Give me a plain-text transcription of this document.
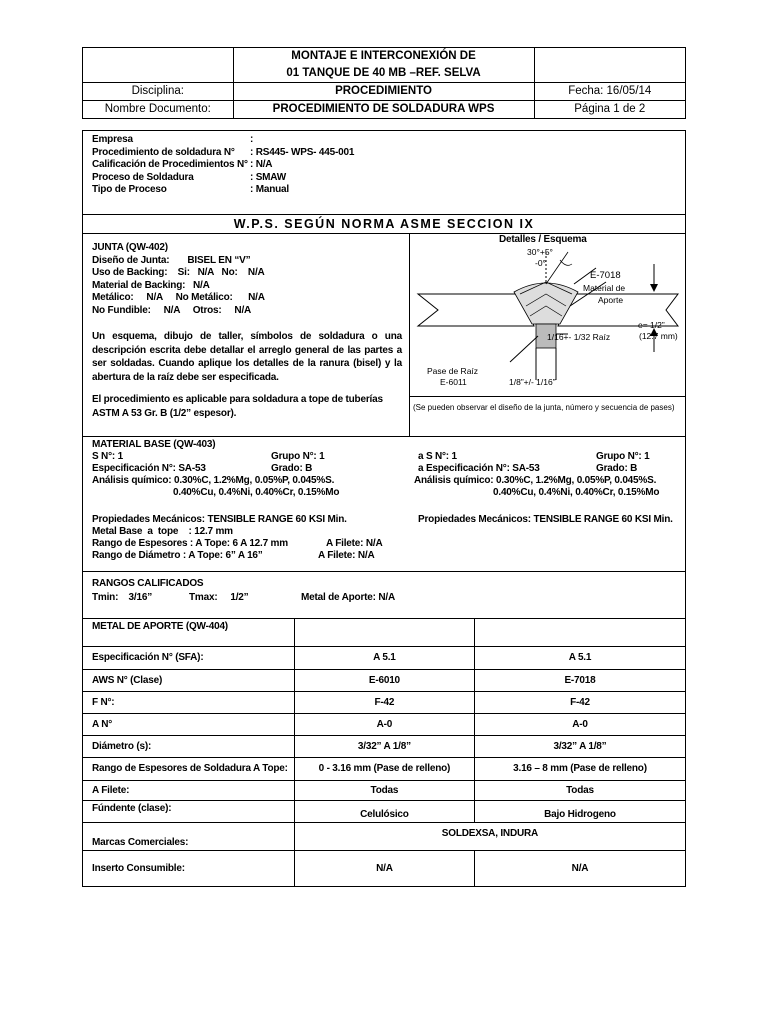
	MONTAJE E INTERCONEXIÓN DE
01 TANQUE DE 40 MB –REF. SELVA	

Disciplina:	PROCEDIMIENTO	Fecha: 16/05/14
Nombre Documento:	PROCEDIMIENTO DE SOLDADURA WPS	Página 1 de 2
Empresa	:
Procedimiento de soldadura N° : RS445- WPS- 445-001
Calificación de Procedimientos N° : N/A
Proceso de Soldadura	: SMAW
Tipo de Proceso	: Manual
W.P.S. SEGÚN NORMA ASME SECCION IX
JUNTA (QW-402)
Diseño de Junta:       BISEL EN “V”
Uso de Backing:    Si:   N/A   No:    N/A
Material de Backing:   N/A
Metálico:     N/A     No Metálico:      N/A
No Fundible:     N/A     Otros:     N/A
Un esquema, dibujo de taller, símbolos de soldadura o una descripción escrita debe detallar el arreglo general de las partes a ser soldadas. Cuando aplique los detalles de la ranura (bisel) y la abertura de la raíz debe ser especificada.
El procedimiento es aplicable para soldadura a tope de tuberías ASTM A 53 Gr. B (1/2” espesor).
Detalles / Esquema
30°+5°
-0°
E-7018
Material de
Aporte
e= 1/2”
(12.7 mm)
1/16+- 1/32 Raíz
Pase de Raíz
E-6011	1/8”+/- 1/16”
(Se pueden observar el diseño de la junta, número y secuencia de pases)
MATERIAL BASE (QW-403)
S N°: 1	Grupo N°: 1
Especificación N°: SA-53	Grado: B
Análisis químico: 0.30%C, 1.2%Mg, 0.05%P, 0.045%S.
0.40%Cu, 0.4%Ni, 0.40%Cr, 0.15%Mo
a S N°: 1	Grupo N°: 1
a Especificación N°: SA-53	Grado: B
Análisis químico: 0.30%C, 1.2%Mg, 0.05%P, 0.045%S.
0.40%Cu, 0.4%Ni, 0.40%Cr, 0.15%Mo
Propiedades Mecánicos: TENSIBLE RANGE 60 KSI Min.	Propiedades Mecánicos: TENSIBLE RANGE 60 KSI Min.
Metal Base  a  tope    : 12.7 mm
Rango de Espesores : A Tope: 6 A 12.7 mm	A Filete: N/A
Rango de Diámetro : A Tope: 6” A 16”	A Filete: N/A
RANGOS CALIFICADOS
Tmin:    3/16”	Tmax:     1/2”	Metal de Aporte: N/A
METAL DE APORTE (QW-404)		
Especificación N° (SFA):	A 5.1	A 5.1
AWS N° (Clase)	E-6010	E-7018
F N°:	F-42	F-42
A N°	A-0	A-0
Diámetro (s):	3/32” A 1/8”	3/32” A 1/8”
Rango de Espesores de Soldadura A Tope:	0 - 3.16 mm (Pase de relleno)	3.16 – 8 mm (Pase de relleno)
A Filete:	Todas	Todas
Fúndente (clase):	Celulósico	Bajo Hidrogeno
Marcas Comerciales:	SOLDEXSA, INDURA	
Inserto Consumible:	N/A	N/A
